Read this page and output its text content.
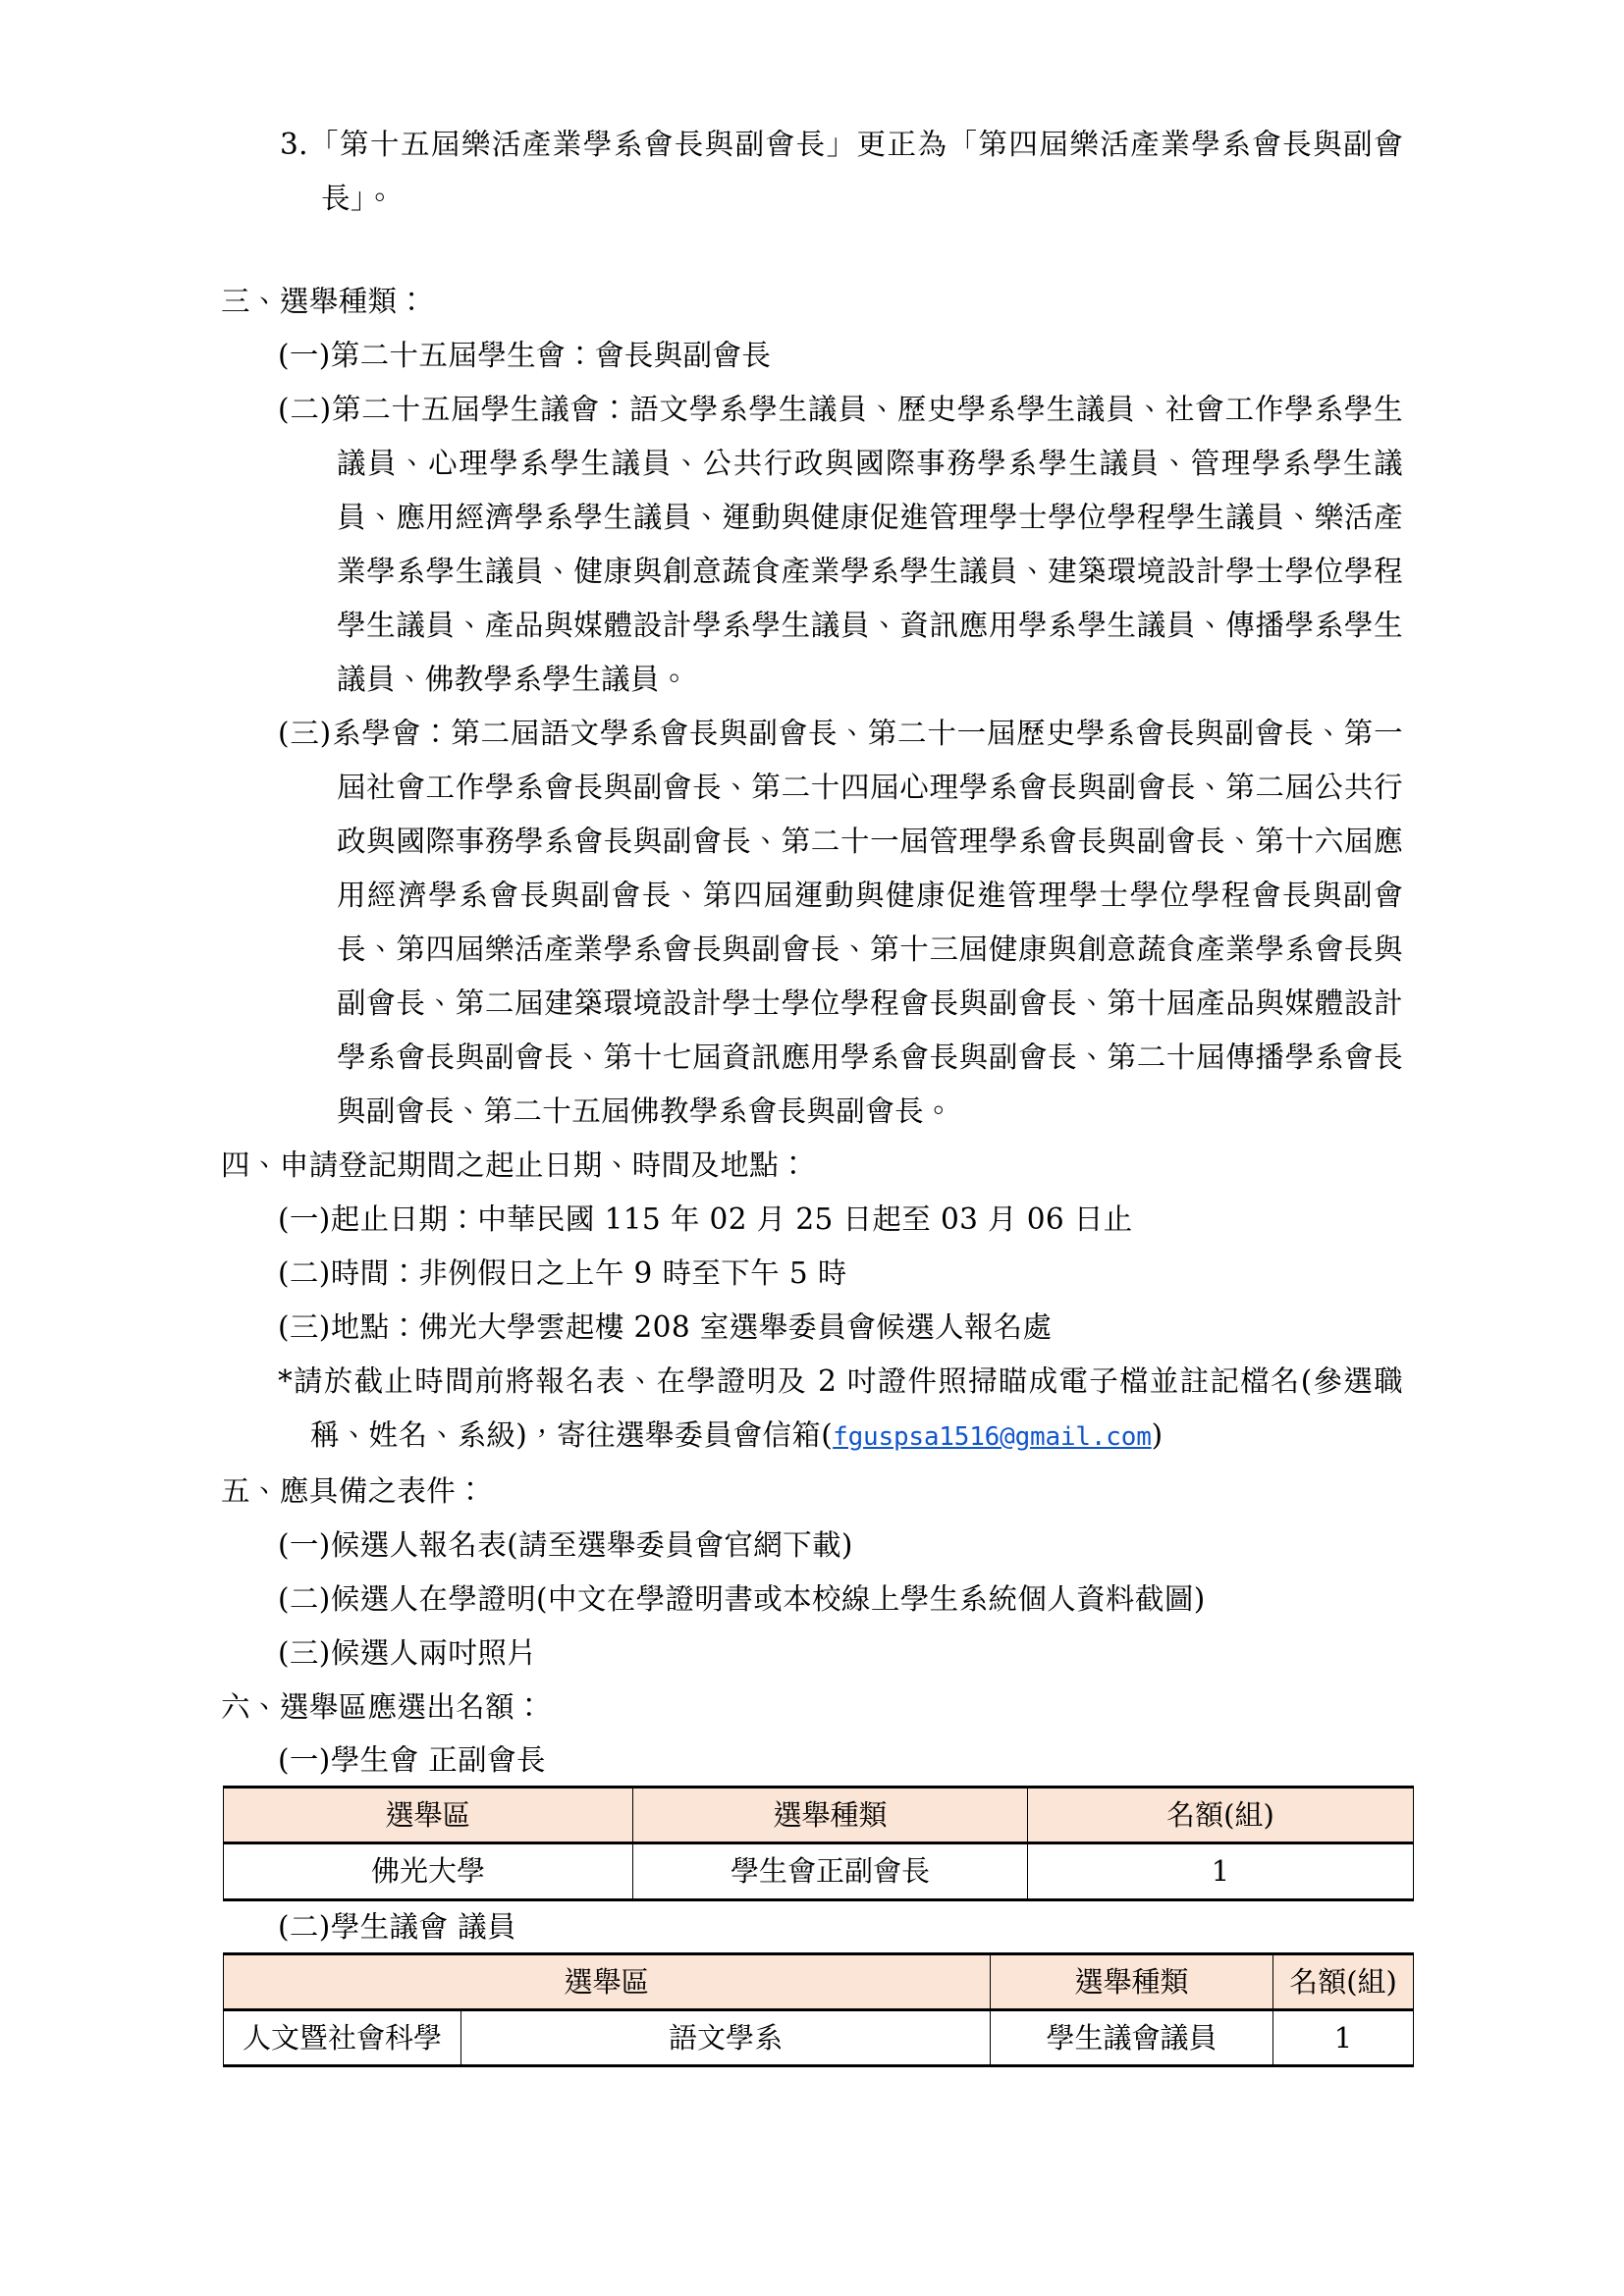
3.「第十五屆樂活產業學系會長與副會長」更正為「第四屆樂活產業學系會長與副會長」。

三、選舉種類：

(一)第二十五屆學生會：會長與副會長

(二)第二十五屆學生議會：語文學系學生議員、歷史學系學生議員、社會工作學系學生議員、心理學系學生議員、公共行政與國際事務學系學生議員、管理學系學生議員、應用經濟學系學生議員、運動與健康促進管理學士學位學程學生議員、樂活產業學系學生議員、健康與創意蔬食產業學系學生議員、建築環境設計學士學位學程學生議員、產品與媒體設計學系學生議員、資訊應用學系學生議員、傳播學系學生議員、佛教學系學生議員。

(三)系學會：第二屆語文學系會長與副會長、第二十一屆歷史學系會長與副會長、第一屆社會工作學系會長與副會長、第二十四屆心理學系會長與副會長、第二屆公共行政與國際事務學系會長與副會長、第二十一屆管理學系會長與副會長、第十六屆應用經濟學系會長與副會長、第四屆運動與健康促進管理學士學位學程會長與副會長、第四屆樂活產業學系會長與副會長、第十三屆健康與創意蔬食產業學系會長與副會長、第二屆建築環境設計學士學位學程會長與副會長、第十屆產品與媒體設計學系會長與副會長、第十七屆資訊應用學系會長與副會長、第二十屆傳播學系會長與副會長、第二十五屆佛教學系會長與副會長。

四、申請登記期間之起止日期、時間及地點：

(一)起止日期：中華民國 115 年 02 月 25 日起至 03 月 06 日止

(二)時間：非例假日之上午 9 時至下午 5 時

(三)地點：佛光大學雲起樓 208 室選舉委員會候選人報名處

*請於截止時間前將報名表、在學證明及 2 吋證件照掃瞄成電子檔並註記檔名(參選職稱、姓名、系級)，寄往選舉委員會信箱(fguspsa1516@gmail.com)

五、應具備之表件：

(一)候選人報名表(請至選舉委員會官網下載)

(二)候選人在學證明(中文在學證明書或本校線上學生系統個人資料截圖)

(三)候選人兩吋照片

六、選舉區應選出名額：

(一)學生會 正副會長

選舉區	選舉種類	名額(組)
佛光大學	學生會正副會長	1

(二)學生議會 議員

選舉區		選舉種類	名額(組)
人文暨社會科學	語文學系	學生議會議員	1
